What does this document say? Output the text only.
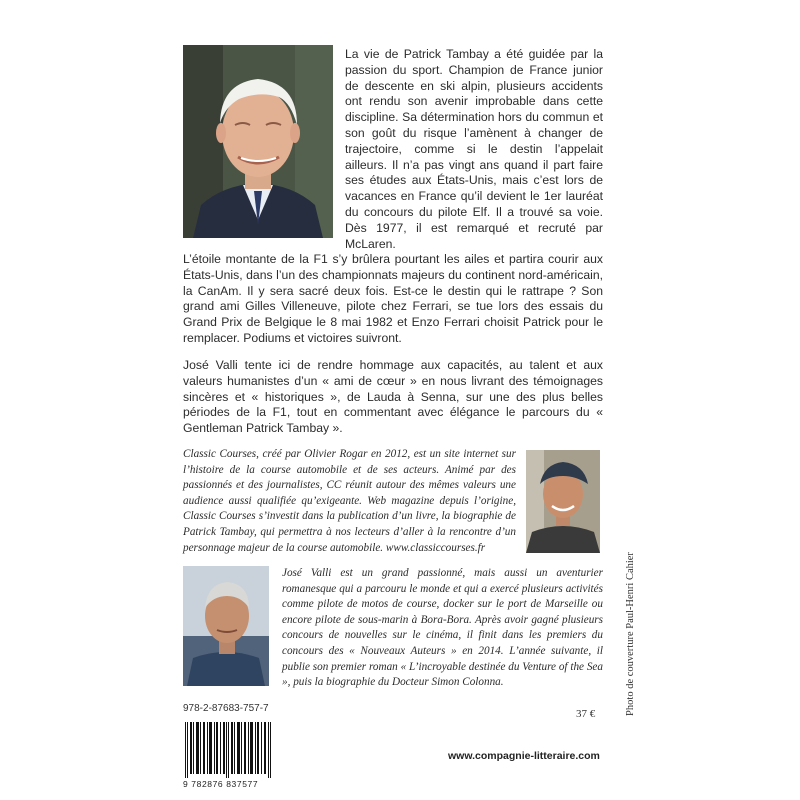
La vie de Patrick Tambay a été guidée par la passion du sport. Champion de France junior de descente en ski alpin, plusieurs accidents ont rendu son avenir improbable dans cette discipline. Sa détermination hors du commun et son goût du risque l’amènent à changer de trajectoire, comme si le destin l’appelait ailleurs. Il n’a pas vingt ans quand il part faire ses études aux États-Unis, mais c’est lors de vacances en France qu’il devient le 1er lauréat du concours du pilote Elf. Il a trouvé sa voie. Dès 1977, il est remarqué et recruté par McLaren.

L’étoile montante de la F1 s’y brûlera pourtant les ailes et partira courir aux États-Unis, dans l’un des championnats majeurs du continent nord-américain, la CanAm. Il y sera sacré deux fois. Est-ce le destin qui le rattrape ? Son grand ami Gilles Villeneuve, pilote chez Ferrari, se tue lors des essais du Grand Prix de Belgique le 8 mai 1982 et Enzo Ferrari choisit Patrick pour le remplacer. Podiums et victoires suivront.

José Valli tente ici de rendre hommage aux capacités, au talent et aux valeurs humanistes d’un « ami de cœur » en nous livrant des témoignages sincères et « historiques », de Lauda à Senna, sur une des plus belles périodes de la F1, tout en commentant avec élégance le parcours du « Gentleman Patrick Tambay ».

Classic Courses, créé par Olivier Rogar en 2012, est un site internet sur l’histoire de la course automobile et de ses acteurs. Animé par des passionnés et des journalistes, CC réunit autour des mêmes valeurs une audience aussi qualifiée qu’exigeante. Web magazine depuis l’origine, Classic Courses s’investit dans la publication d’un livre, la biographie de Patrick Tambay, qui permettra à nos lecteurs d’aller à la rencontre d’un personnage majeur de la course automobile. www.classiccourses.fr

José Valli est un grand passionné, mais aussi un aventurier romanesque qui a parcouru le monde et qui a exercé plusieurs activités comme pilote de motos de course, docker sur le port de Marseille ou encore pilote de sous-marin à Bora-Bora. Après avoir gagné plusieurs concours de nouvelles sur le cinéma, il finit dans les premiers du concours des « Nouveaux Auteurs » en 2014. L’année suivante, il publie son premier roman « L’incroyable destinée du Venture of the Sea », puis la biographie du Docteur Simon Colonna.	Photo de couverture Paul-Henri Cahier
978-2-87683-757-7	37 €
9 782876 837577
www.compagnie-litteraire.com
